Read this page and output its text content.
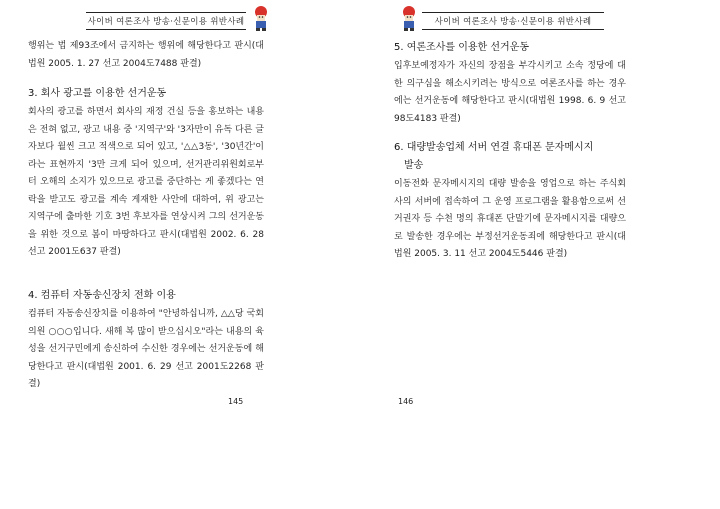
사이버 여론조사 방송·신문이용 위반사례
행위는 법 제93조에서 금지하는 행위에 해당한다고 판시(대법원 2005. 1. 27 선고 2004도7488 판결)
3. 회사 광고를 이용한 선거운동
회사의 광고를 하면서 회사의 재정 건실 등을 홍보하는 내용은 전혀 없고, 광고 내용 중 '지역구'와 '3자만이 유독 다른 글자보다 월씬 크고 적색으로 되어 있고, '△△3동', '30년간'이라는 표현까지 '3만 크게 되어 있으며, 선거관리위원회로부터 오해의 소지가 있으므로 광고를 중단하는 게 좋겠다는 연락을 받고도 광고를 계속 게재한 사안에 대하여, 위 광고는 지역구에 출마한 기호 3번 후보자를 연상시켜 그의 선거운동을 위한 것으로 봄이 마땅하다고 판시(대법원 2002. 6. 28 선고 2001도637 판결)
4. 컴퓨터 자동송신장치 전화 이용
컴퓨터 자동송신장치를 이용하여 "안녕하십니까, △△당 국회의원 ○○○입니다. 새해 복 많이 받으십시오"라는 내용의 육성을 선거구민에게 송신하여 수신한 경우에는 선거운동에 해당한다고 판시(대법원 2001. 6. 29 선고 2001도2268 판결)
145
사이버 여론조사 방송·신문이용 위반사례
5. 여론조사를 이용한 선거운동
입후보예정자가 자신의 장점을 부각시키고 소속 정당에 대한 의구심을 해소시키려는 방식으로 여론조사를 하는 경우에는 선거운동에 해당한다고 판시(대법원 1998. 6. 9 선고 98도4183 판결)
6. 대량발송업체 서버 연결 휴대폰 문자메시지
발송
이동전화 문자메시지의 대량 발송을 영업으로 하는 주식회사의 서버에 접속하여 그 운영 프로그램을 활용함으로써 선거권자 등 수천 명의 휴대폰 단말기에 문자메시지를 대량으로 발송한 경우에는 부정선거운동죄에 해당한다고 판시(대법원 2005. 3. 11 선고 2004도5446 판결)
146
